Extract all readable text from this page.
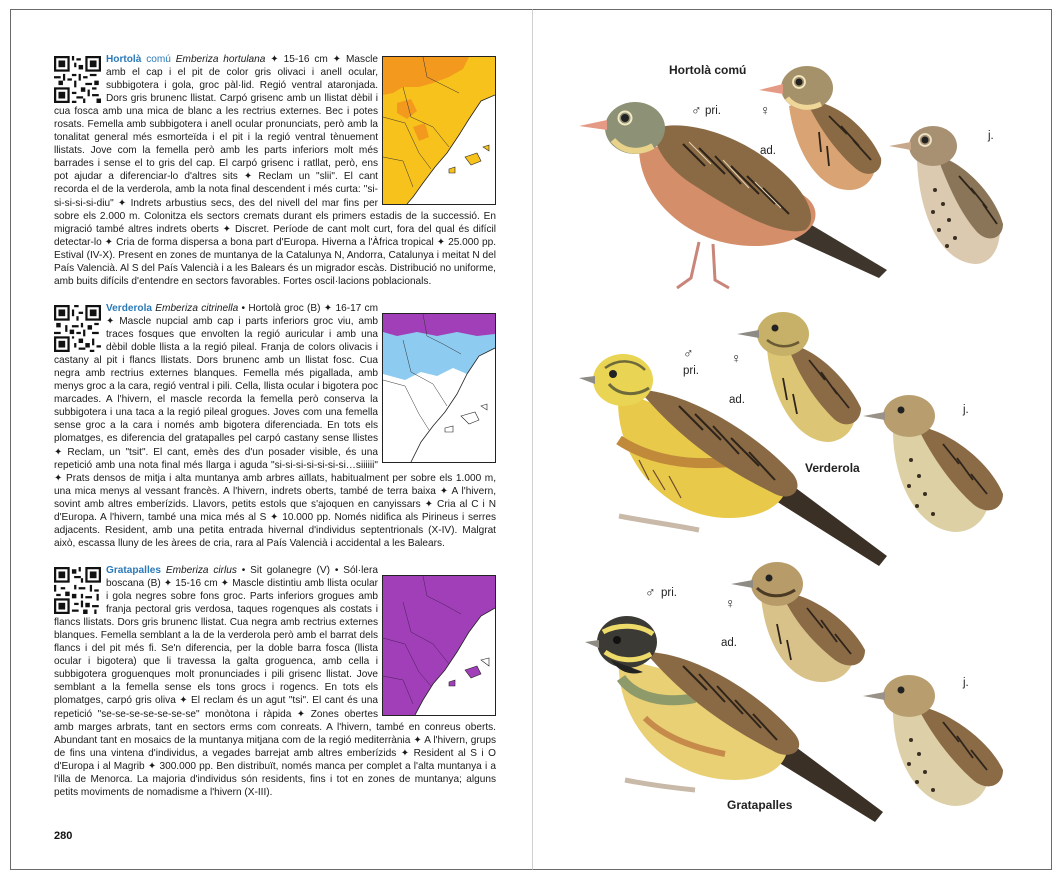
Hortolà comú Emberiza hortulana ✦ 15-16 cm ✦ Mascle amb el cap i el pit de color gris olivaci i anell ocular, subbigotera i gola, groc pàl·lid. Regió ventral ataronjada. Dors gris brunenc llistat. Carpó grisenc amb un llistat dèbil i cua fosca amb una mica de blanc a les rectrius externes. Bec i potes rosats. Femella amb subbigotera i anell ocular pronunciats, però amb la tonalitat general més esmorteïda i el pit i la regió ventral tènuement llistats. Jove com la femella però amb les parts inferiors molt més barrades i sense el to gris del cap. El carpó grisenc i ratllat, però, ens pot ajudar a diferenciar-lo d'altres sits ✦ Reclam un "slii". El cant recorda el de la verderola, amb la nota final descendent i més curta: "si-si-si-si-si-diu" ✦ Indrets arbustius secs, des del nivell del mar fins per sobre els 2.000 m. Colonitza els sectors cremats durant els primers estadis de la successió. En migració també altres indrets oberts ✦ Discret. Període de cant molt curt, fora del qual és difícil detectar-lo ✦ Cria de forma dispersa a bona part d'Europa. Hiverna a l'Àfrica tropical ✦ 25.000 pp. Estival (IV-X). Present en zones de muntanya de la Catalunya N, Andorra, Catalunya i meitat N del País Valencià. Al S del País Valencià i a les Balears és un migrador escàs. Distribució no uniforme, amb buits difícils d'entendre en sectors favorables. Fortes oscil·lacions poblacionals.

Verderola Emberiza citrinella • Hortolà groc (B) ✦ 16-17 cm ✦ Mascle nupcial amb cap i parts inferiors groc viu, amb traces fosques que envolten la regió auricular i amb una dèbil doble llista a la regió pileal. Franja de colors olivacis i castany al pit i flancs llistats. Dors brunenc amb un llistat fosc. Cua negra amb rectrius externes blanques. Femella més pigallada, amb menys groc a la cara, regió ventral i pili. Cella, llista ocular i bigotera poc marcades. A l'hivern, el mascle recorda la femella però conserva la subbigotera i una taca a la regió pileal grogues. Joves com una femella sense groc a la cara i només amb bigotera diferenciada. En tots els plomatges, es diferencia del gratapalles pel carpó castany sense llistes ✦ Reclam, un "tsit". El cant, emès des d'un posader visible, és una repetició amb una nota final més llarga i aguda "si-si-si-si-si-si-si…siiiiii" ✦ Prats densos de mitja i alta muntanya amb arbres aïllats, habitualment per sobre els 1.000 m, una mica menys al vessant francès. A l'hivern, indrets oberts, també de terra baixa ✦ A l'hivern, sovint amb altres emberízids. Llavors, petits estols que s'ajoquen en canyissars ✦ Cria al C i N d'Europa. A l'hivern, també una mica més al S ✦ 10.000 pp. Només nidifica als Pirineus i serres adjacents. Resident, amb una petita entrada hivernal d'individus septentrionals (X-IV). Malgrat això, escassa lluny de les àrees de cria, rara al País Valencià i accidental a les Balears.

Gratapalles Emberiza cirlus • Sit golanegre (V) • Sól·lera boscana (B) ✦ 15-16 cm ✦ Mascle distintiu amb llista ocular i gola negres sobre fons groc. Parts inferiors grogues amb franja pectoral gris verdosa, taques rogenques als costats i flancs llistats. Dors gris brunenc llistat. Cua negra amb rectrius externes blanques. Femella semblant a la de la verderola però amb el barrat dels flancs i del pit més fi. Se'n diferencia, per la doble barra fosca (llista ocular i bigotera) que li travessa la galta groguenca, amb cella i subbigotera groguenques molt pronunciades i pili grisenc llistat. Jove semblant a la femella sense els tons grocs i rogencs. En tots els plomatges, carpó gris oliva ✦ El reclam és un agut "tsi". El cant és una repetició "se-se-se-se-se-se-se" monòtona i ràpida ✦ Zones obertes amb marges arbrats, tant en sectors erms com conreats. A l'hivern, també en conreus oberts. Abundant tant en mosaics de la muntanya mitjana com de la regió mediterrània ✦ A l'hivern, grups de fins una vintena d'individus, a vegades barrejat amb altres emberízids ✦ Resident al S i O d'Europa i al Magrib ✦ 300.000 pp. Ben distribuït, només manca per complet a l'alta muntanya i a l'illa de Menorca. La majoria d'individus són residents, fins i tot en zones de muntanya; alguns petits moviments de nomadisme a l'hivern (X-III).

280
Hortolà comú
♂ pri.	♀
ad.
j.
♂
pri.
♀
ad.
j.
Verderola
♂ pri.
♀
ad.
j.
Gratapalles
